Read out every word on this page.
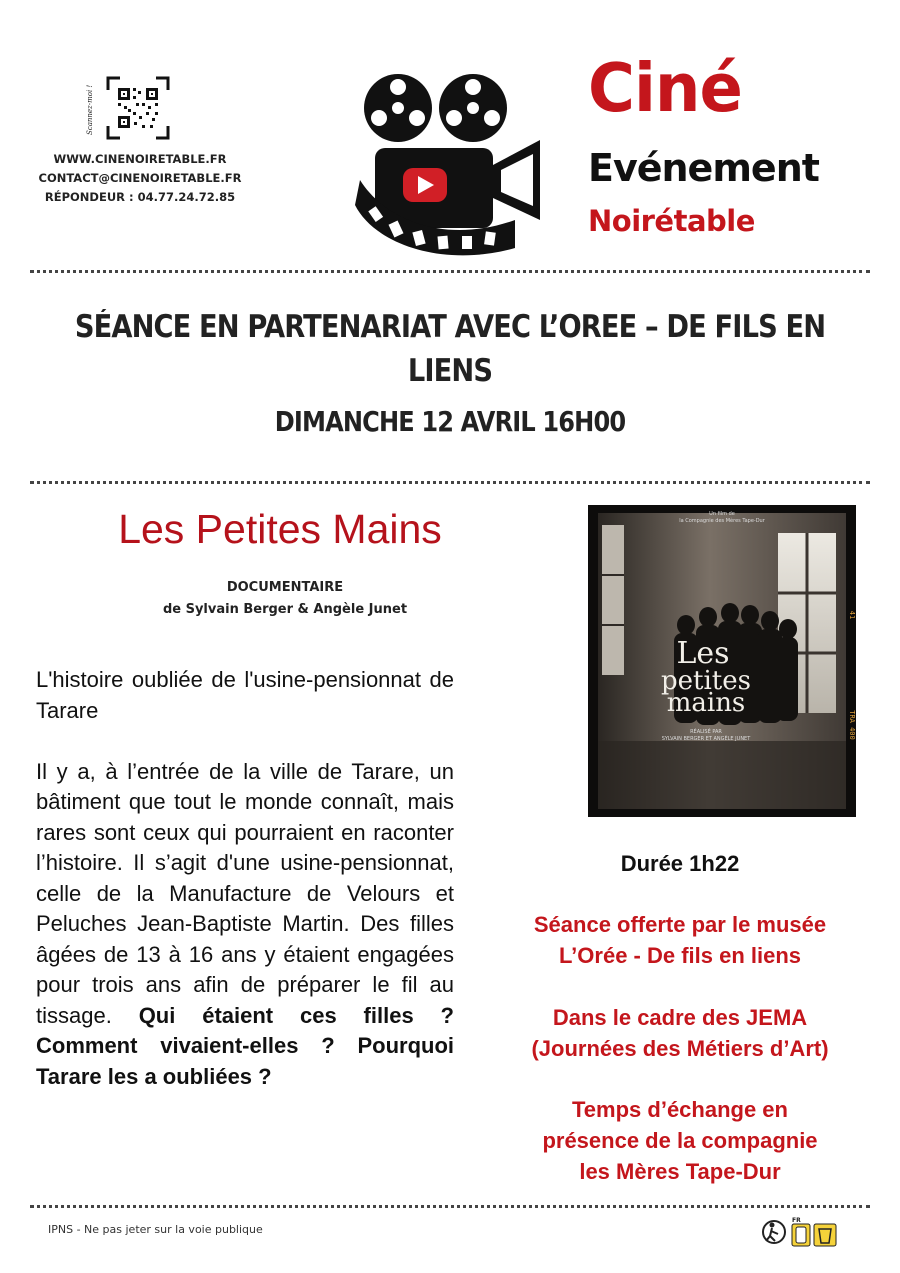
Scannez-moi !
WWW.CINENOIRETABLE.FR
CONTACT@CINENOIRETABLE.FR
RÉPONDEUR : 04.77.24.72.85
Ciné
Evénement
Noirétable
SÉANCE EN PARTENARIAT AVEC L’OREE – DE FILS EN LIENS
DIMANCHE 12 AVRIL 16H00
Les Petites Mains
DOCUMENTAIRE
de Sylvain Berger & Angèle Junet

L'histoire oubliée de l'usine-pensionnat de Tarare

Il y a, à l’entrée de la ville de Tarare, un bâtiment que tout le monde connaît, mais rares sont ceux qui pourraient en raconter l’histoire. Il s’agit d'une usine-pensionnat, celle de la Manufacture de Velours et Peluches Jean-Baptiste Martin. Des filles âgées de 13 à 16 ans y étaient engagées pour trois ans afin de préparer le fil au tissage. Qui étaient ces filles ? Comment vivaient-elles ? Pourquoi Tarare les a oubliées ?

Un film de
la Compagnie des Mères Tape-Dur
Les
petites
mains
RÉALISÉ PAR
SYLVAIN BERGER ET ANGÈLE JUNET
41
TRA 400
Durée 1h22
Séance offerte par le musée
L’Orée - De fils en liens
Dans le cadre des JEMA
(Journées des Métiers d’Art)
Temps d’échange en
présence de la compagnie
les Mères Tape-Dur
IPNS - Ne pas jeter sur la voie publique
FR
